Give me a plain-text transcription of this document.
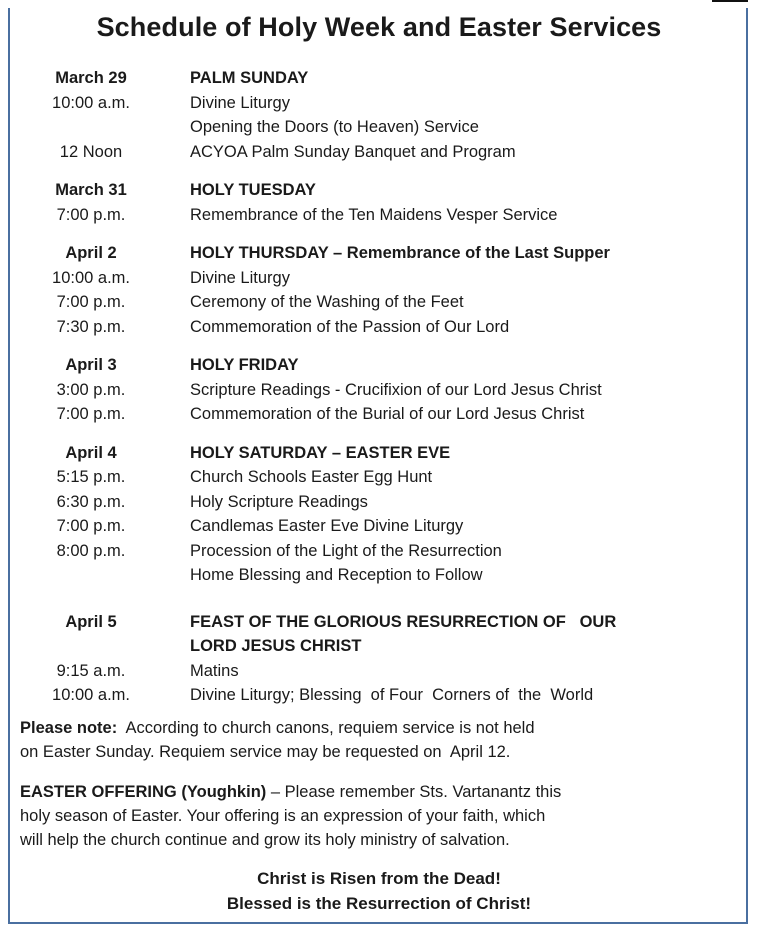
Schedule of Holy Week and Easter Services
March 29	PALM SUNDAY
10:00 a.m.	Divine Liturgy
Opening the Doors (to Heaven) Service
12 Noon	ACYOA Palm Sunday Banquet and Program
March 31	HOLY TUESDAY
7:00 p.m.	Remembrance of the Ten Maidens Vesper Service
April 2	HOLY THURSDAY – Remembrance of the Last Supper
10:00 a.m.	Divine Liturgy
7:00 p.m.	Ceremony of the Washing of the Feet
7:30 p.m.	Commemoration of the Passion of Our Lord
April 3	HOLY FRIDAY
3:00 p.m.	Scripture Readings - Crucifixion of our Lord Jesus Christ
7:00 p.m.	Commemoration of the Burial of our Lord Jesus Christ
April 4	HOLY SATURDAY – EASTER EVE
5:15 p.m.	Church Schools Easter Egg Hunt
6:30 p.m.	Holy Scripture Readings
7:00 p.m.	Candlemas Easter Eve Divine Liturgy
8:00 p.m.	Procession of the Light of the Resurrection
Home Blessing and Reception to Follow
April 5	FEAST OF THE GLORIOUS RESURRECTION OF   OUR
LORD JESUS CHRIST
9:15 a.m.	Matins
10:00 a.m.	Divine Liturgy; Blessing  of Four  Corners of  the  World
Please note:  According to church canons, requiem service is not held
on Easter Sunday. Requiem service may be requested on  April 12.
EASTER OFFERING (Youghkin) – Please remember Sts. Vartanantz this
holy season of Easter. Your offering is an expression of your faith, which
will help the church continue and grow its holy ministry of salvation.
Christ is Risen from the Dead!
Blessed is the Resurrection of Christ!
